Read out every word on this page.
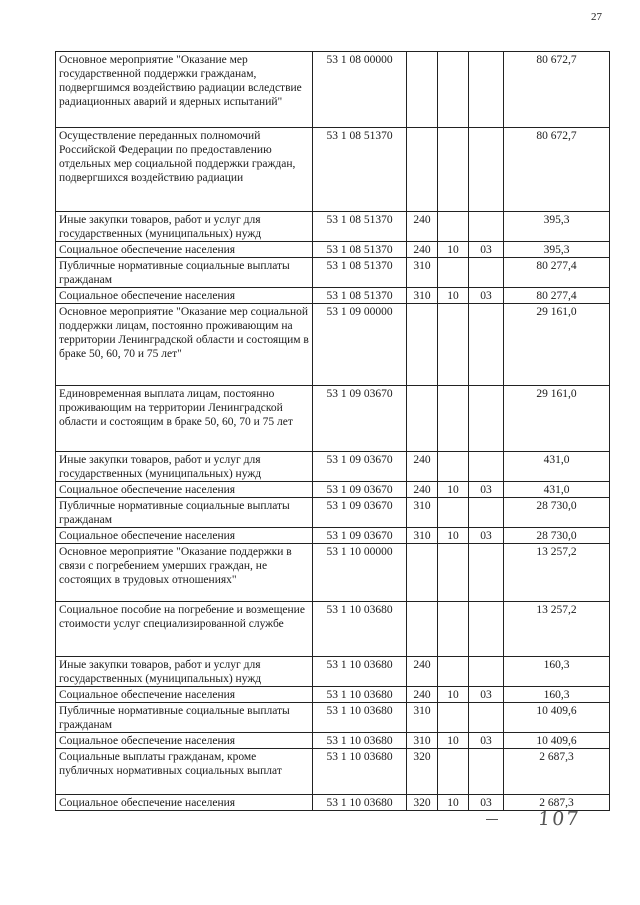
27
Основное мероприятие "Оказание мер государственной поддержки гражданам, подвергшимся воздействию радиации вследствие радиационных аварий и ядерных испытаний"	53 1 08 00000				80 672,7
Осуществление переданных полномочий Российской Федерации по предоставлению отдельных мер социальной поддержки граждан, подвергшихся воздействию радиации	53 1 08 51370				80 672,7
Иные закупки товаров, работ и услуг для государственных (муниципальных) нужд	53 1 08 51370	240			395,3
Социальное обеспечение населения	53 1 08 51370	240	10	03	395,3
Публичные нормативные социальные выплаты гражданам	53 1 08 51370	310			80 277,4
Социальное обеспечение населения	53 1 08 51370	310	10	03	80 277,4
Основное мероприятие "Оказание мер социальной поддержки лицам, постоянно проживающим на территории Ленинградской области и состоящим в браке 50, 60, 70 и 75 лет"	53 1 09 00000				29 161,0
Единовременная выплата лицам, постоянно проживающим на территории Ленинградской области и состоящим в браке 50, 60, 70 и 75 лет	53 1 09 03670				29 161,0
Иные закупки товаров, работ и услуг для государственных (муниципальных) нужд	53 1 09 03670	240			431,0
Социальное обеспечение населения	53 1 09 03670	240	10	03	431,0
Публичные нормативные социальные выплаты гражданам	53 1 09 03670	310			28 730,0
Социальное обеспечение населения	53 1 09 03670	310	10	03	28 730,0
Основное мероприятие "Оказание поддержки в связи с погребением умерших граждан, не состоящих в трудовых отношениях"	53 1 10 00000				13 257,2
Социальное пособие на погребение и возмещение стоимости услуг специализированной службе	53 1 10 03680				13 257,2
Иные закупки товаров, работ и услуг для государственных (муниципальных) нужд	53 1 10 03680	240			160,3
Социальное обеспечение населения	53 1 10 03680	240	10	03	160,3
Публичные нормативные социальные выплаты гражданам	53 1 10 03680	310			10 409,6
Социальное обеспечение населения	53 1 10 03680	310	10	03	10 409,6
Социальные выплаты гражданам, кроме публичных нормативных социальных выплат	53 1 10 03680	320			2 687,3
Социальное обеспечение населения	53 1 10 03680	320	10	03	2 687,3
107
